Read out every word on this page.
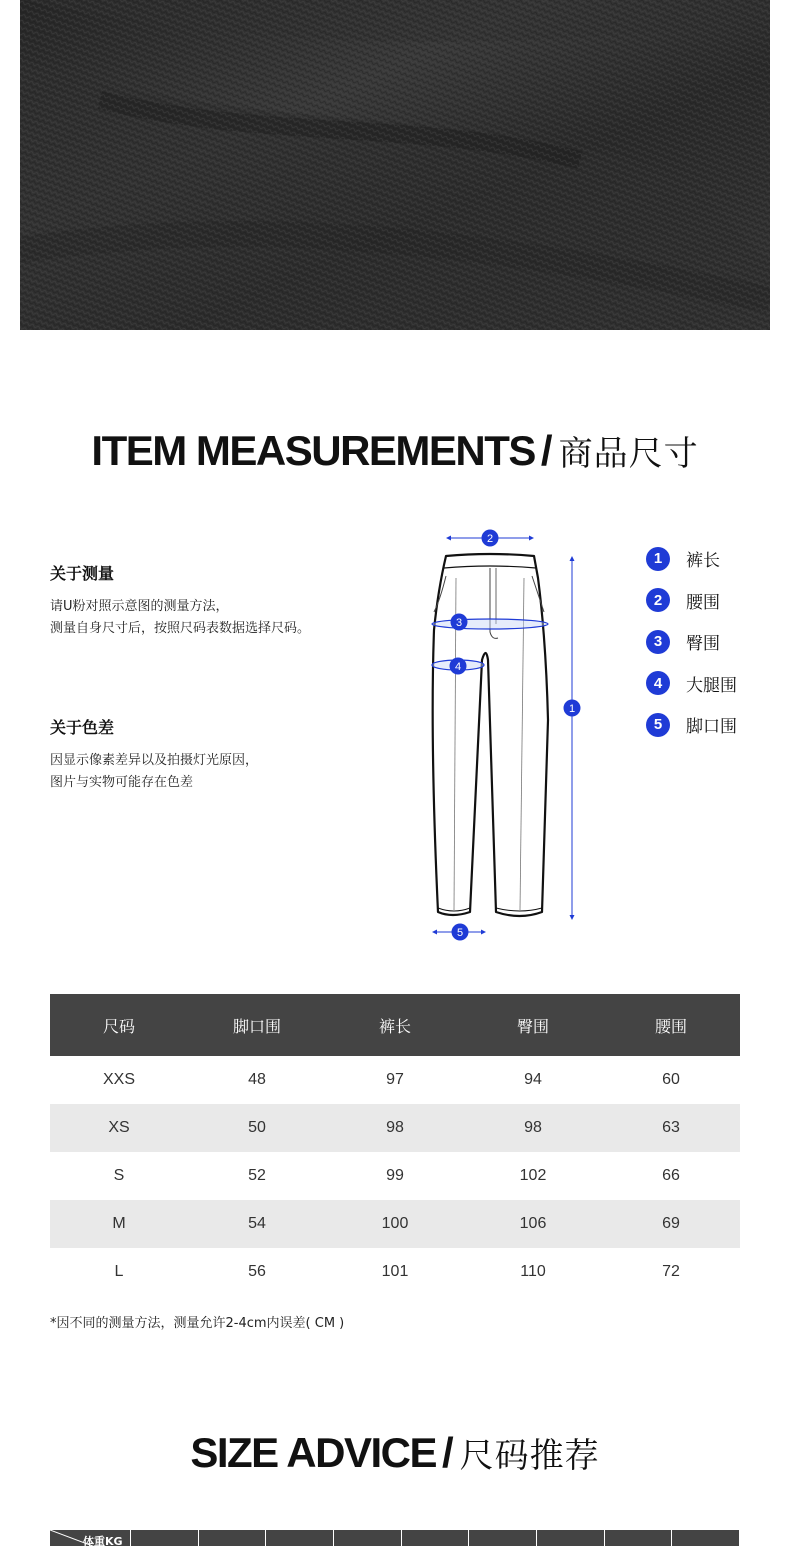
ITEM MEASUREMENTS / 商品尺寸
关于测量
请U粉对照示意图的测量方法，
测量自身尺寸后，按照尺码表数据选择尺码。
关于色差
因显示像素差异以及拍摄灯光原因，
图片与实物可能存在色差
2
1
3
4
5
1	裤长
2	腰围
3	臀围
4	大腿围
5	脚口围
尺码	脚口围	裤长	臀围	腰围
XXS	48	97	94	60
XS	50	98	98	63
S	52	99	102	66
M	54	100	106	69
L	56	101	110	72
*因不同的测量方法，测量允许2-4cm内误差( CM )
SIZE ADVICE / 尺码推荐
体重KG
